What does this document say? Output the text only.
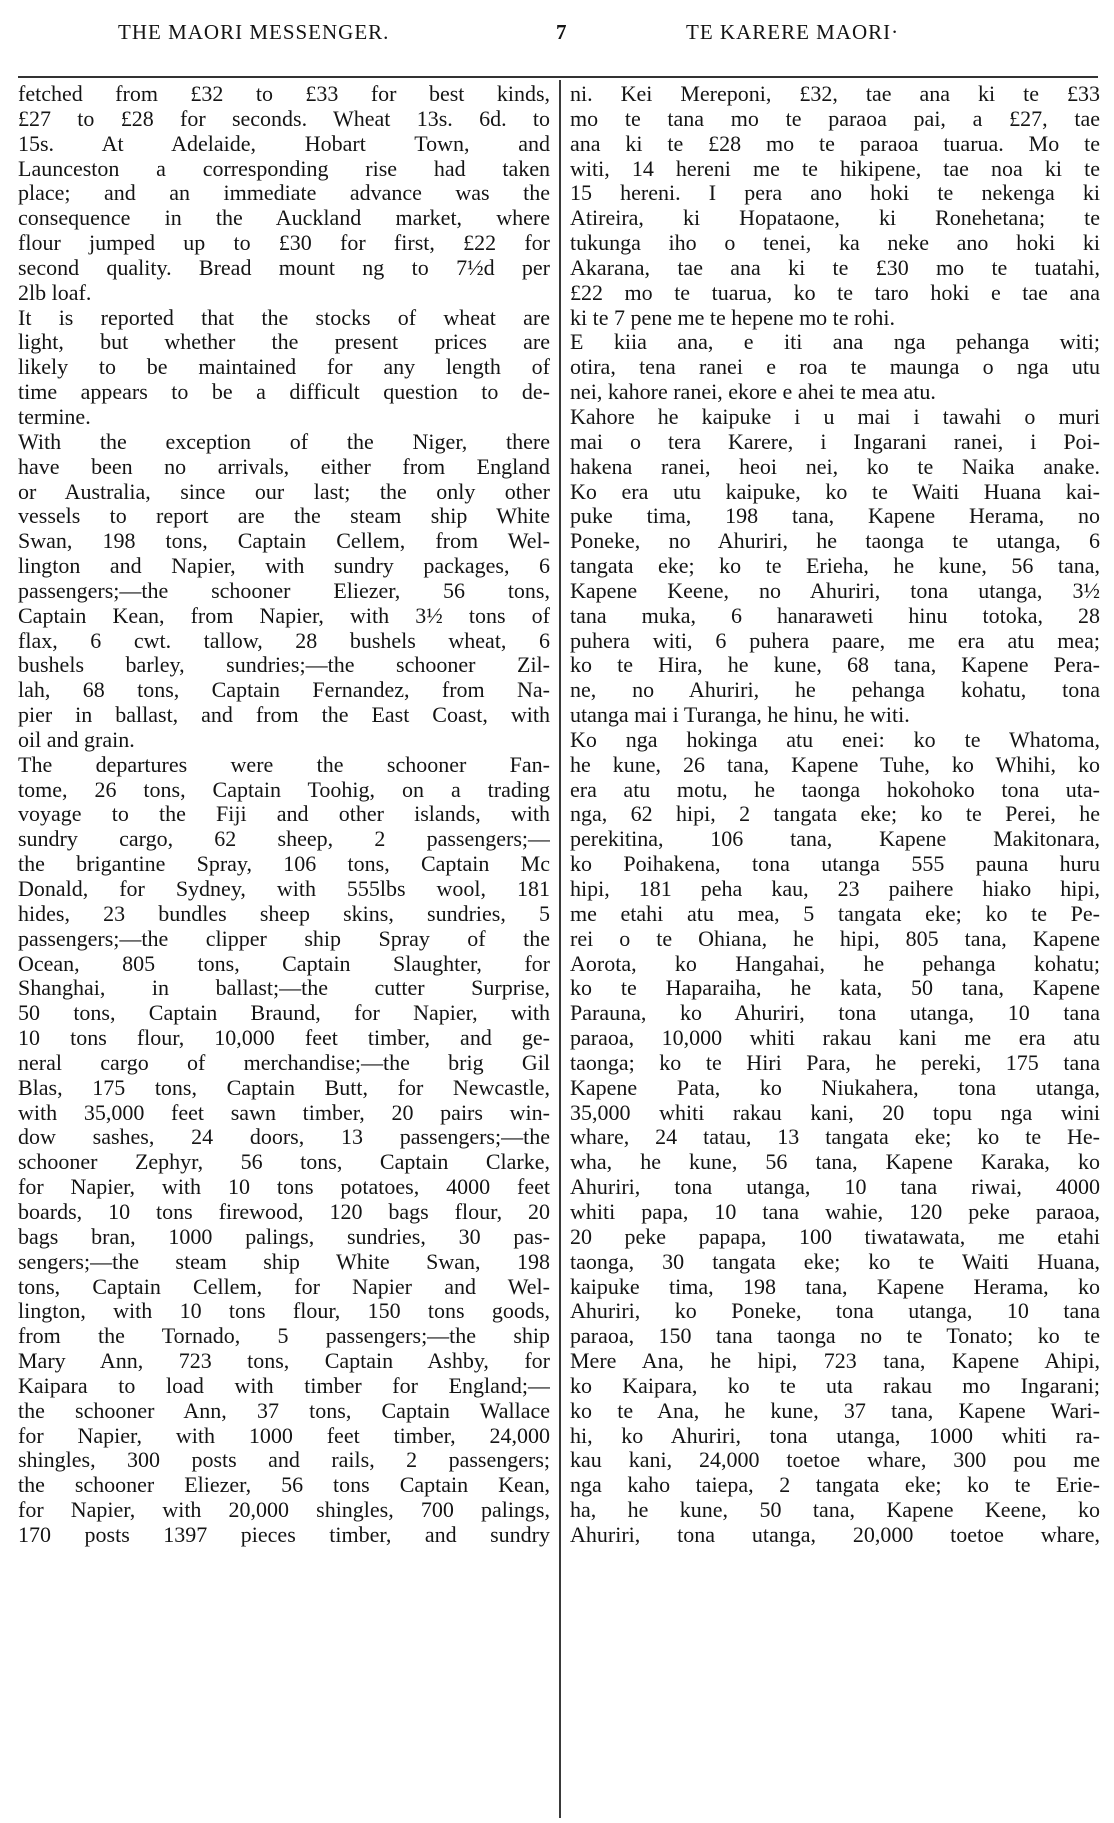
THE MAORI MESSENGER.	7	TE KARERE MAORI·
fetched from £32 to £33 for best kinds,
£27 to £28 for seconds. Wheat 13s. 6d. to
15s. At Adelaide, Hobart Town, and
Launceston a corresponding rise had taken
place; and an immediate advance was the
consequence in the Auckland market, where
flour jumped up to £30 for first, £22 for
second quality. Bread mount ng to 7½d per
2lb loaf.
It is reported that the stocks of wheat are
light, but whether the present prices are
likely to be maintained for any length of
time appears to be a difficult question to de-
termine.
With the exception of the Niger, there
have been no arrivals, either from England
or Australia, since our last; the only other
vessels to report are the steam ship White
Swan, 198 tons, Captain Cellem, from Wel-
lington and Napier, with sundry packages, 6
passengers;—the schooner Eliezer, 56 tons,
Captain Kean, from Napier, with 3½ tons of
flax, 6 cwt. tallow, 28 bushels wheat, 6
bushels barley, sundries;—the schooner Zil-
lah, 68 tons, Captain Fernandez, from Na-
pier in ballast, and from the East Coast, with
oil and grain.
The departures were the schooner Fan-
tome, 26 tons, Captain Toohig, on a trading
voyage to the Fiji and other islands, with
sundry cargo, 62 sheep, 2 passengers;—
the brigantine Spray, 106 tons, Captain Mc
Donald, for Sydney, with 555lbs wool, 181
hides, 23 bundles sheep skins, sundries, 5
passengers;—the clipper ship Spray of the
Ocean, 805 tons, Captain Slaughter, for
Shanghai, in ballast;—the cutter Surprise,
50 tons, Captain Braund, for Napier, with
10 tons flour, 10,000 feet timber, and ge-
neral cargo of merchandise;—the brig Gil
Blas, 175 tons, Captain Butt, for Newcastle,
with 35,000 feet sawn timber, 20 pairs win-
dow sashes, 24 doors, 13 passengers;—the
schooner Zephyr, 56 tons, Captain Clarke,
for Napier, with 10 tons potatoes, 4000 feet
boards, 10 tons firewood, 120 bags flour, 20
bags bran, 1000 palings, sundries, 30 pas-
sengers;—the steam ship White Swan, 198
tons, Captain Cellem, for Napier and Wel-
lington, with 10 tons flour, 150 tons goods,
from the Tornado, 5 passengers;—the ship
Mary Ann, 723 tons, Captain Ashby, for
Kaipara to load with timber for England;—
the schooner Ann, 37 tons, Captain Wallace
for Napier, with 1000 feet timber, 24,000
shingles, 300 posts and rails, 2 passengers;
the schooner Eliezer, 56 tons Captain Kean,
for Napier, with 20,000 shingles, 700 palings,
170 posts 1397 pieces timber, and sundry
ni. Kei Mereponi, £32, tae ana ki te £33
mo te tana mo te paraoa pai, a £27, tae
ana ki te £28 mo te paraoa tuarua. Mo te
witi, 14 hereni me te hikipene, tae noa ki te
15 hereni. I pera ano hoki te nekenga ki
Atireira, ki Hopataone, ki Ronehetana; te
tukunga iho o tenei, ka neke ano hoki ki
Akarana, tae ana ki te £30 mo te tuatahi,
£22 mo te tuarua, ko te taro hoki e tae ana
ki te 7 pene me te hepene mo te rohi.
E kiia ana, e iti ana nga pehanga witi;
otira, tena ranei e roa te maunga o nga utu
nei, kahore ranei, ekore e ahei te mea atu.
Kahore he kaipuke i u mai i tawahi o muri
mai o tera Karere, i Ingarani ranei, i Poi-
hakena ranei, heoi nei, ko te Naika anake.
Ko era utu kaipuke, ko te Waiti Huana kai-
puke tima, 198 tana, Kapene Herama, no
Poneke, no Ahuriri, he taonga te utanga, 6
tangata eke; ko te Erieha, he kune, 56 tana,
Kapene Keene, no Ahuriri, tona utanga, 3½
tana muka, 6 hanaraweti hinu totoka, 28
puhera witi, 6 puhera paare, me era atu mea;
ko te Hira, he kune, 68 tana, Kapene Pera-
ne, no Ahuriri, he pehanga kohatu, tona
utanga mai i Turanga, he hinu, he witi.
Ko nga hokinga atu enei: ko te Whatoma,
he kune, 26 tana, Kapene Tuhe, ko Whihi, ko
era atu motu, he taonga hokohoko tona uta-
nga, 62 hipi, 2 tangata eke; ko te Perei, he
perekitina, 106 tana, Kapene Makitonara,
ko Poihakena, tona utanga 555 pauna huru
hipi, 181 peha kau, 23 paihere hiako hipi,
me etahi atu mea, 5 tangata eke; ko te Pe-
rei o te Ohiana, he hipi, 805 tana, Kapene
Aorota, ko Hangahai, he pehanga kohatu;
ko te Haparaiha, he kata, 50 tana, Kapene
Parauna, ko Ahuriri, tona utanga, 10 tana
paraoa, 10,000 whiti rakau kani me era atu
taonga; ko te Hiri Para, he pereki, 175 tana
Kapene Pata, ko Niukahera, tona utanga,
35,000 whiti rakau kani, 20 topu nga wini
whare, 24 tatau, 13 tangata eke; ko te He-
wha, he kune, 56 tana, Kapene Karaka, ko
Ahuriri, tona utanga, 10 tana riwai, 4000
whiti papa, 10 tana wahie, 120 peke paraoa,
20 peke papapa, 100 tiwatawata, me etahi
taonga, 30 tangata eke; ko te Waiti Huana,
kaipuke tima, 198 tana, Kapene Herama, ko
Ahuriri, ko Poneke, tona utanga, 10 tana
paraoa, 150 tana taonga no te Tonato; ko te
Mere Ana, he hipi, 723 tana, Kapene Ahipi,
ko Kaipara, ko te uta rakau mo Ingarani;
ko te Ana, he kune, 37 tana, Kapene Wari-
hi, ko Ahuriri, tona utanga, 1000 whiti ra-
kau kani, 24,000 toetoe whare, 300 pou me
nga kaho taiepa, 2 tangata eke; ko te Erie-
ha, he kune, 50 tana, Kapene Keene, ko
Ahuriri, tona utanga, 20,000 toetoe whare,
